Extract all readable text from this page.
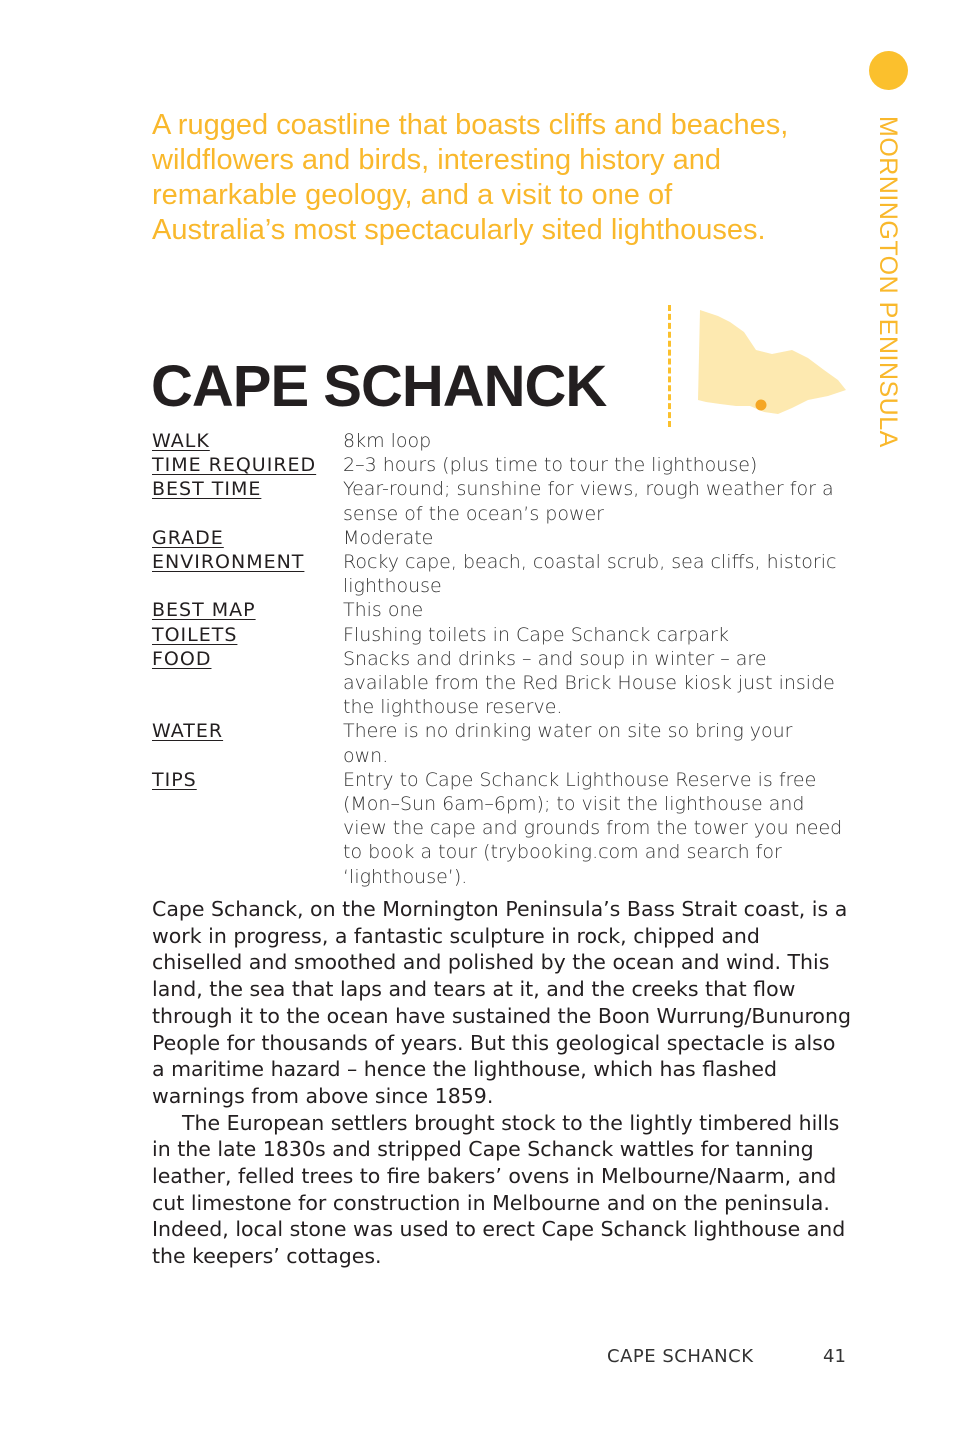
MORNINGTON PENINSULA

A rugged coastline that boasts cliffs and beaches, wildflowers and birds, interesting history and remarkable geology, and a visit to one of Australia’s most spectacularly sited lighthouses.

CAPE SCHANCK
WALK	8km loop
TIME REQUIRED	2–3 hours (plus time to tour the lighthouse)
BEST TIME	Year-round; sunshine for views, rough weather for a sense of the ocean’s power
GRADE	Moderate
ENVIRONMENT	Rocky cape, beach, coastal scrub, sea cliffs, historic lighthouse
BEST MAP	This one
TOILETS	Flushing toilets in Cape Schanck carpark
FOOD	Snacks and drinks – and soup in winter – are available from the Red Brick House kiosk just inside the lighthouse reserve.
WATER	There is no drinking water on site so bring your own.
TIPS	Entry to Cape Schanck Lighthouse Reserve is free (Mon–Sun 6am–6pm); to visit the lighthouse and view the cape and grounds from the tower you need to book a tour (trybooking.com and search for ‘lighthouse’).

Cape Schanck, on the Mornington Peninsula’s Bass Strait coast, is a work in progress, a fantastic sculpture in rock, chipped and chiselled and smoothed and polished by the ocean and wind. This land, the sea that laps and tears at it, and the creeks that flow through it to the ocean have sustained the Boon Wurrung/Bunurong People for thousands of years. But this geological spectacle is also a maritime hazard – hence the lighthouse, which has flashed warnings from above since 1859.

The European settlers brought stock to the lightly timbered hills in the late 1830s and stripped Cape Schanck wattles for tanning leather, felled trees to fire bakers’ ovens in Melbourne/Naarm, and cut limestone for construction in Melbourne and on the peninsula. Indeed, local stone was used to erect Cape Schanck lighthouse and the keepers’ cottages.

CAPE SCHANCK	41
